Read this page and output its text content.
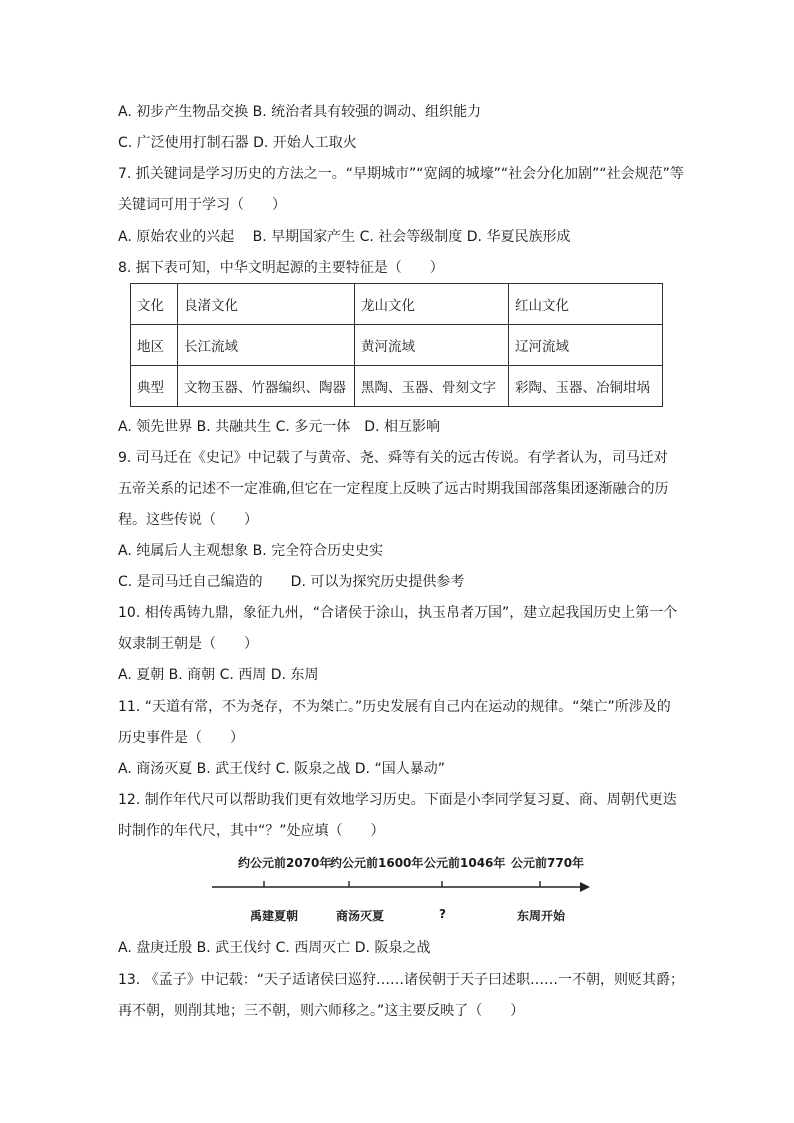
A. 初步产生物品交换 B. 统治者具有较强的调动、组织能力
C. 广泛使用打制石器 D. 开始人工取火
7. 抓关键词是学习历史的方法之一。“早期城市”“宽阔的城壕”“社会分化加剧”“社会规范”等
关键词可用于学习（　　）
A. 原始农业的兴起　 B. 早期国家产生 C. 社会等级制度 D. 华夏民族形成
8. 据下表可知，中华文明起源的主要特征是（　　）
文化	良渚文化	龙山文化	红山文化
地区	长江流域	黄河流域	辽河流域
典型	文物玉器、竹器编织、陶器	黑陶、玉器、骨刻文字	彩陶、玉器、冶铜坩埚
A. 领先世界 B. 共融共生 C. 多元一体　D. 相互影响
9. 司马迁在《史记》中记载了与黄帝、尧、舜等有关的远古传说。有学者认为，司马迁对
五帝关系的记述不一定准确,但它在一定程度上反映了远古时期我国部落集团逐渐融合的历
程。这些传说（　　）
A. 纯属后人主观想象 B. 完全符合历史史实
C. 是司马迁自己编造的　　D. 可以为探究历史提供参考
10. 相传禹铸九鼎，象征九州，“合诸侯于涂山，执玉帛者万国”，建立起我国历史上第一个
奴隶制王朝是（　　）
A. 夏朝 B. 商朝 C. 西周 D. 东周
11. “天道有常，不为尧存，不为桀亡。”历史发展有自己内在运动的规律。“桀亡”所涉及的
历史事件是（　　）
A. 商汤灭夏 B. 武王伐纣 C. 阪泉之战 D. “国人暴动”
12. 制作年代尺可以帮助我们更有效地学习历史。下面是小李同学复习夏、商、周朝代更迭
时制作的年代尺，其中“？”处应填（　　）
约公元前2070年
约公元前1600年 公元前1046年 公元前770年
禹建夏朝	商汤灭夏	?	东周开始
A. 盘庚迁殷 B. 武王伐纣 C. 西周灭亡 D. 阪泉之战
13. 《孟子》中记载：“天子适诸侯曰巡狩……诸侯朝于天子曰述职……一不朝，则贬其爵；
再不朝，则削其地；三不朝，则六师移之。”这主要反映了（　　）
